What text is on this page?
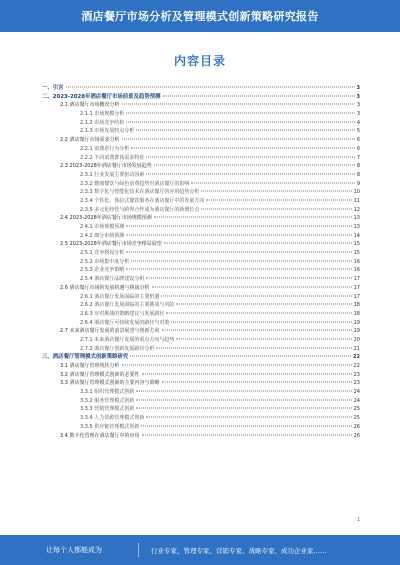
酒店餐厅市场分析及管理模式创新策略研究报告
内容目录
一、引言	3
二、2023-2028年酒店餐厅市场前景及趋势预测	3
2.1 酒店餐厅市场概况分析	3
2.1.1 市场规模分析	3
2.1.2 市场竞争结构	4
2.1.3 市场发展特点分析	5
2.2 酒店餐厅市场需求分析	6
2.2.1 消费者行为分析	6
2.2.2 不同消费群体需求特征	7
2.3 2023-2028年酒店餐厅市场发展趋势	8
2.3.1 行业发展主要驱动因素	8
2.3.2 健康餐饮与绿色消费趋势对酒店餐厅的影响	9
2.3.3 数字化与智能化技术在酒店餐厅的应用趋势分析	10
2.3.4 个性化、体验式餐饮服务在酒店餐厅中的发展方向	11
2.3.5 多元化经营与跨界合作成为酒店餐厅的新增长点	12
2.4 2023-2028年酒店餐厅市场规模预测	13
2.4.1 市场规模预测	13
2.4.2 细分市场预测	14
2.5 2023-2028年酒店餐厅市场竞争格局展望	15
2.5.1 竞争格局分析	15
2.5.2 市场集中度分析	16
2.5.3 企业竞争策略	16
2.5.4 酒店餐厅品牌建设分析	17
2.6 酒店餐厅市场的发展机遇与挑战分析	17
2.6.1 酒店餐厅发展面临的主要机遇	17
2.6.2 酒店餐厅发展面临的主要挑战与风险	18
2.6.3 应对挑战的策略建议与发展路径	18
2.6.4 酒店餐厅可持续发展的路径与对策	19
2.7 未来酒店餐厅发展的前景展望与创新方向	19
2.7.1 未来酒店餐厅发展的重点方向与趋势	20
2.7.2 酒店餐厅创新发展路径分析	21
三、酒店餐厅管理模式创新策略研究	22
3.1 酒店餐厅管理现状分析	22
3.2 酒店餐厅管理模式创新的必要性	23
3.3 酒店餐厅管理模式创新的主要内容与策略	23
3.3.1 组织管理模式创新	24
3.3.2 服务管理模式创新	24
3.3.3 营销管理模式创新	25
3.3.4 人力资源管理模式创新	25
3.3.5 供应链管理模式创新	26
3.4 数字化管理在酒店餐厅中的应用	26
1
让每个人都能成为	行业专家、管理专家、营销专家、战略专家、成功企业家……
